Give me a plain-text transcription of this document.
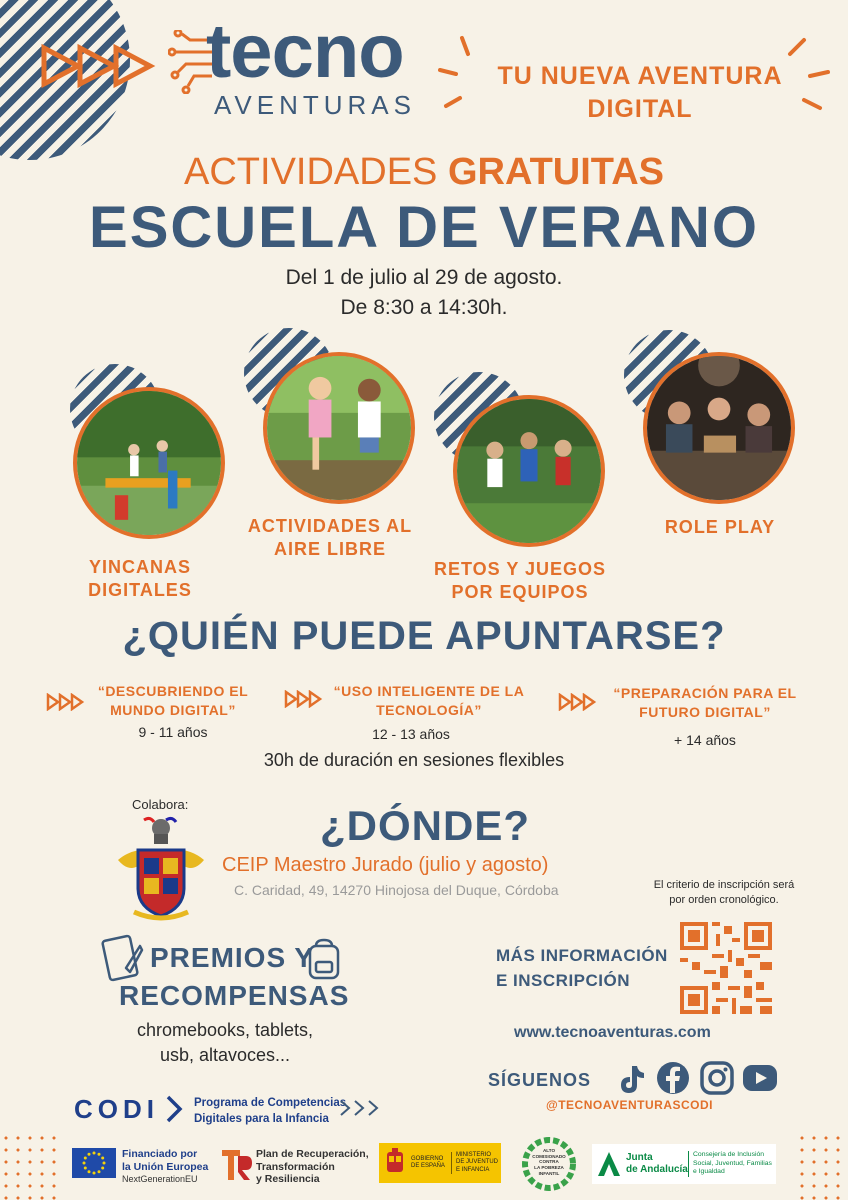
tecno
AVENTURAS
TU NUEVA AVENTURA
DIGITAL
ACTIVIDADES GRATUITAS
ESCUELA DE VERANO
Del 1 de julio al 29 de agosto.
De 8:30 a 14:30h.
YINCANAS
DIGITALES
ACTIVIDADES AL
AIRE LIBRE
RETOS Y JUEGOS
POR EQUIPOS
ROLE PLAY
¿QUIÉN PUEDE APUNTARSE?
“DESCUBRIENDO EL
MUNDO DIGITAL”
9 - 11 años
“USO INTELIGENTE DE LA
TECNOLOGÍA”
12 - 13 años
“PREPARACIÓN PARA EL
FUTURO DIGITAL”
+ 14 años
30h de duración en sesiones flexibles
Colabora:	¿DÓNDE?
CEIP Maestro Jurado (julio y agosto)
C. Caridad, 49, 14270 Hinojosa del Duque, Córdoba	El criterio de inscripción será
por orden cronológico.
PREMIOS Y
RECOMPENSAS
chromebooks, tablets,
usb, altavoces...
MÁS INFORMACIÓN
E INSCRIPCIÓN
www.tecnoaventuras.com
SÍGUENOS
@TECNOAVENTURASCODI
CODI	Programa de Competencias
Digitales para la Infancia
Financiado por
la Unión Europea
NextGenerationEU
Plan de Recuperación,
Transformación
y Resiliencia
GOBIERNO
DE ESPAÑA
MINISTERIO
DE JUVENTUD
E INFANCIA
ALTO
COMISIONADO
CONTRA
LA POBREZA
INFANTIL
Junta
de Andalucía
Consejería de Inclusión
Social, Juventud, Familias
e Igualdad
